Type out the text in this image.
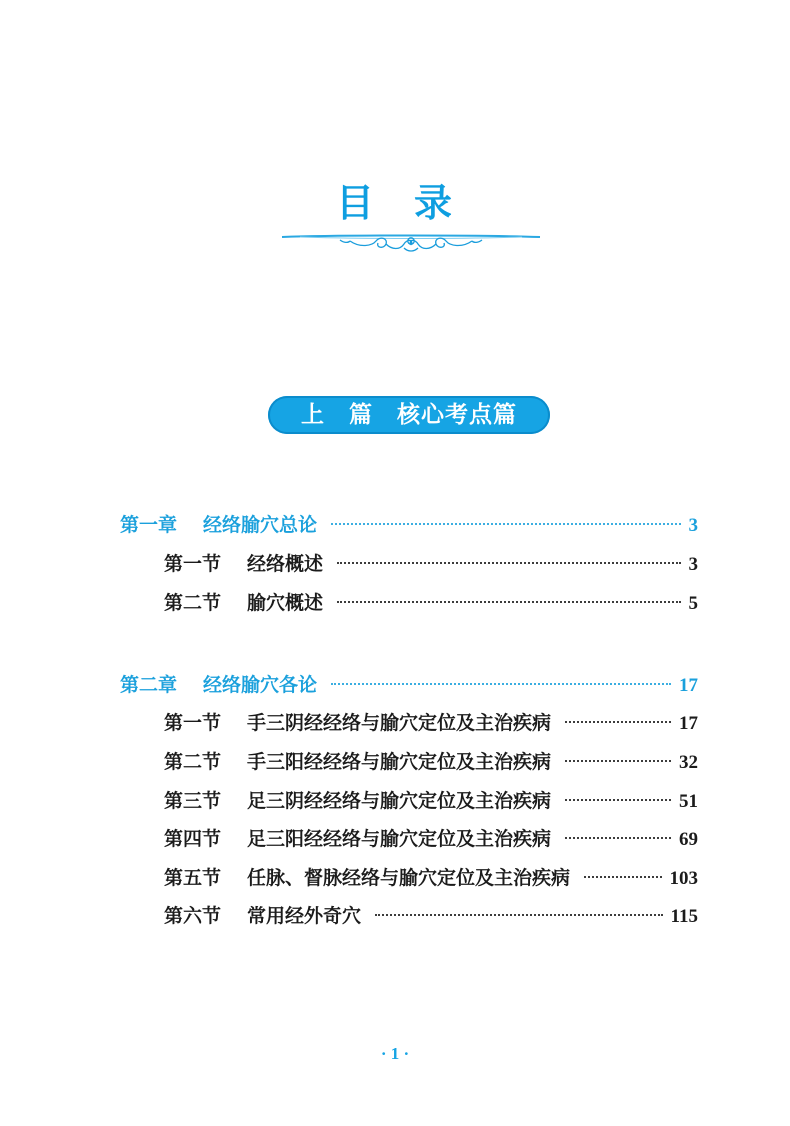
目 录
上　篇　核心考点篇
第一章 经络腧穴总论	3
第一节 经络概述	3
第二节 腧穴概述	5
第二章 经络腧穴各论	17
第一节 手三阴经经络与腧穴定位及主治疾病	17
第二节 手三阳经经络与腧穴定位及主治疾病	32
第三节 足三阴经经络与腧穴定位及主治疾病	51
第四节 足三阳经经络与腧穴定位及主治疾病	69
第五节 任脉、督脉经络与腧穴定位及主治疾病	103
第六节 常用经外奇穴	115
· 1 ·
